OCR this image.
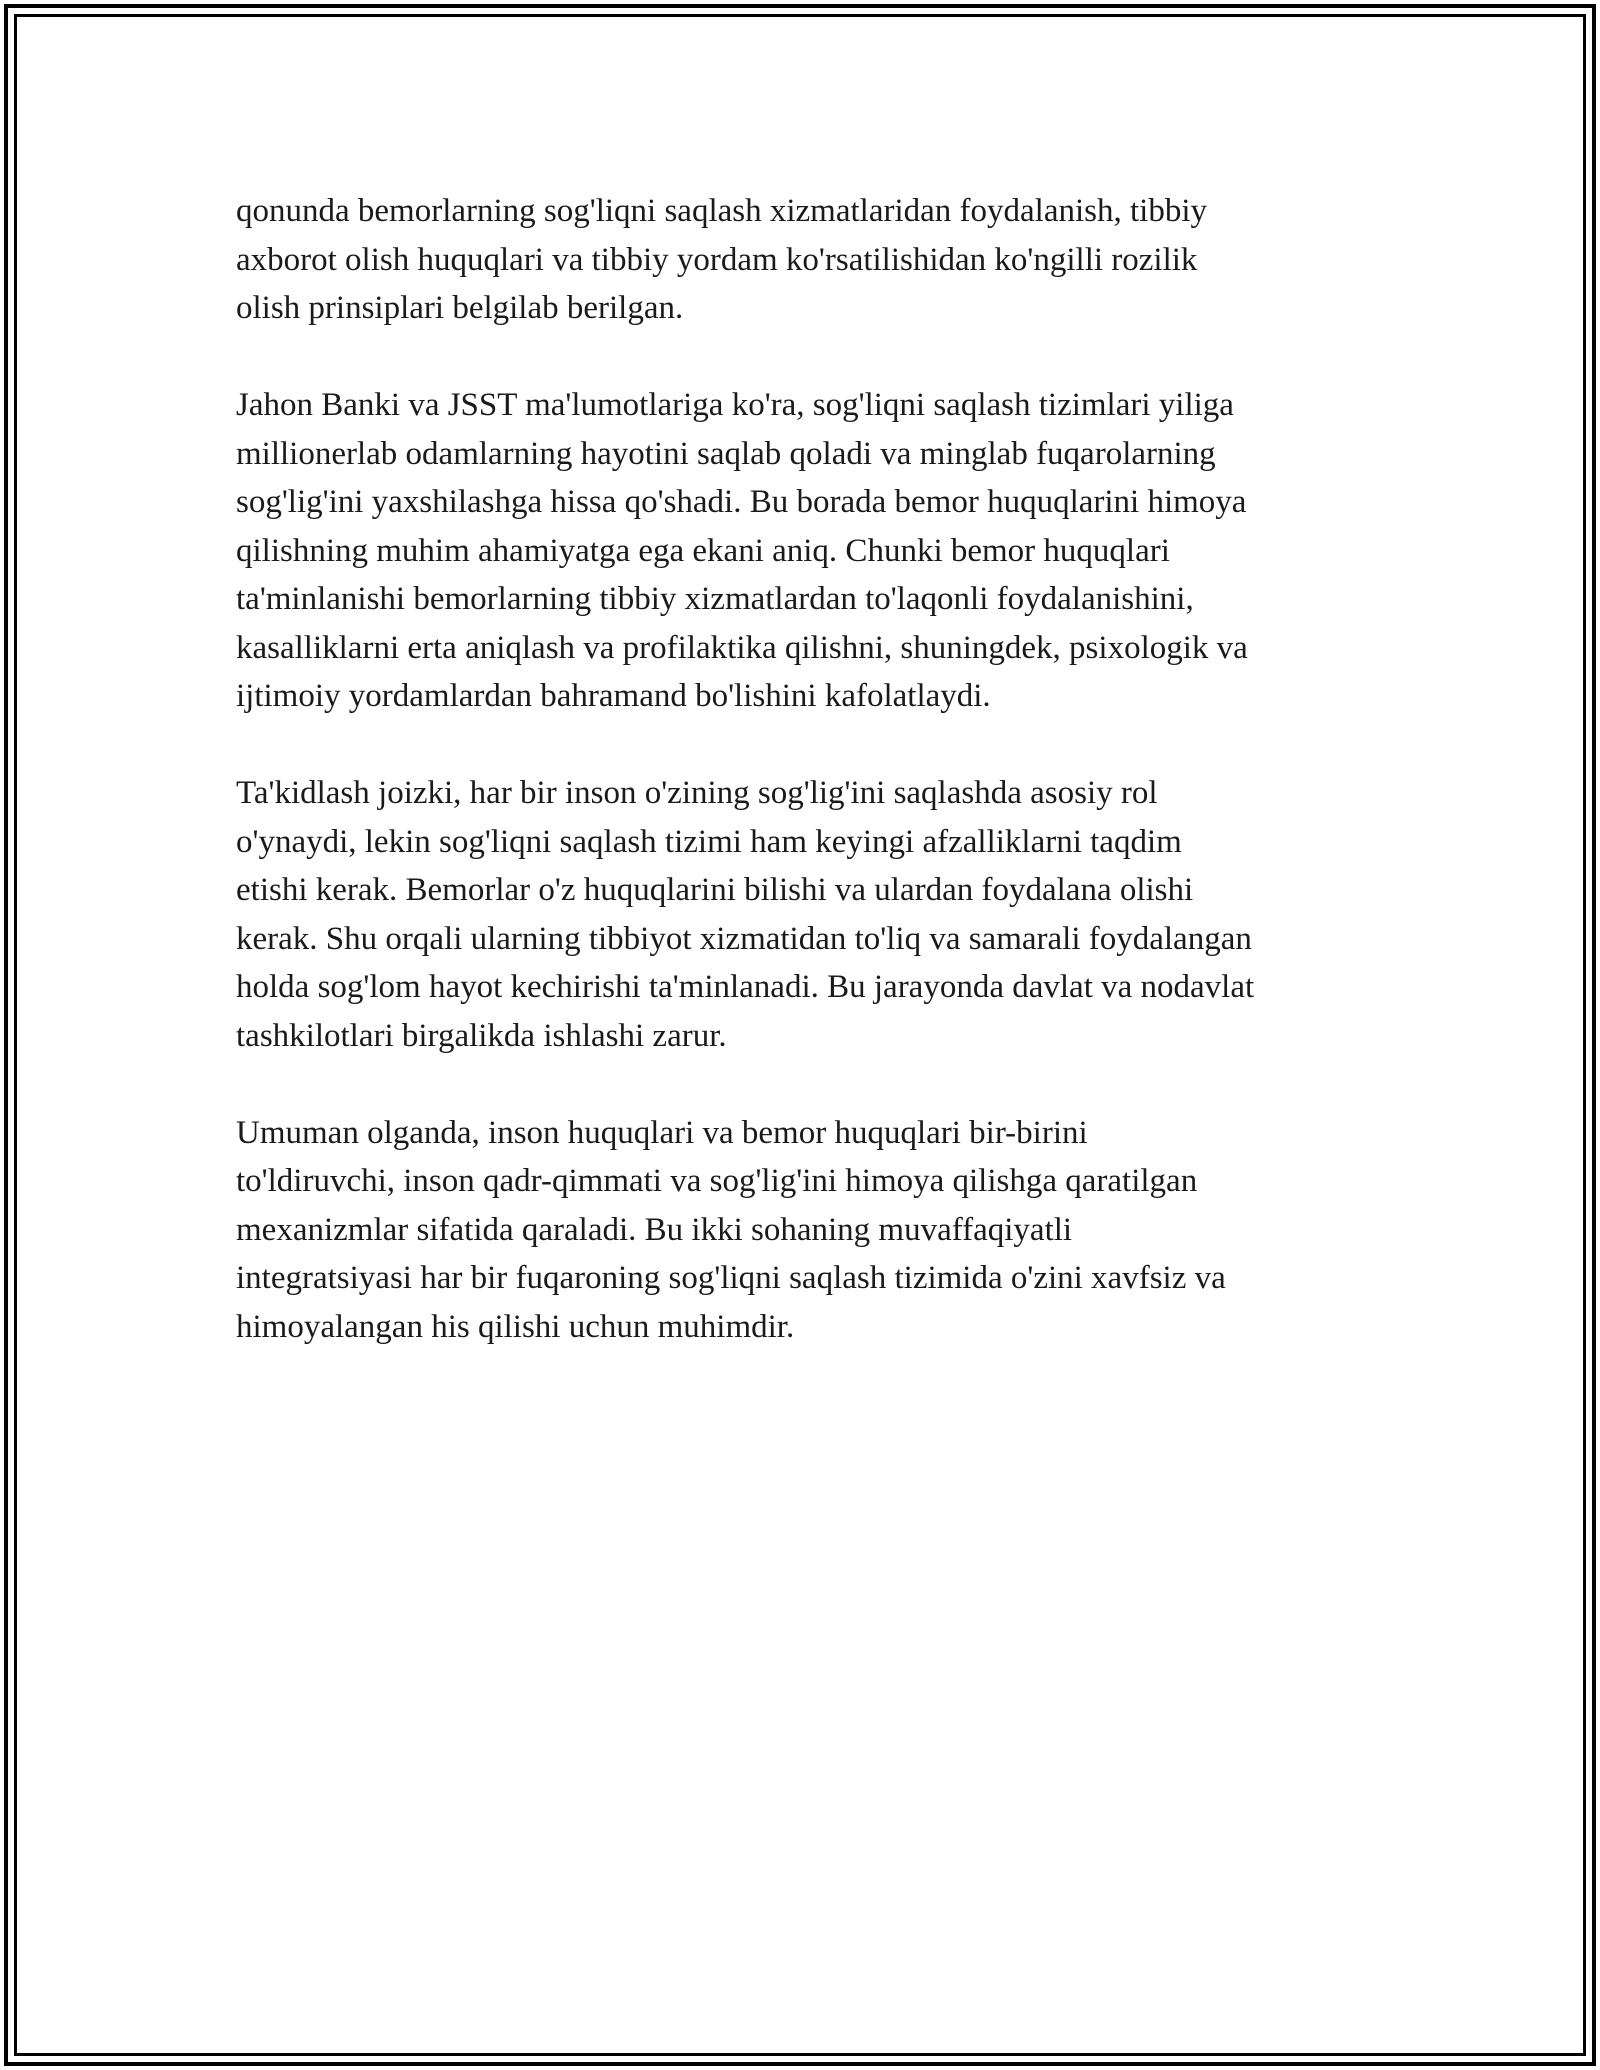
qonunda bemorlarning sog'liqni saqlash xizmatlaridan foydalanish, tibbiy
axborot olish huquqlari va tibbiy yordam ko'rsatilishidan ko'ngilli rozilik
olish prinsiplari belgilab berilgan.

Jahon Banki va JSST ma'lumotlariga ko'ra, sog'liqni saqlash tizimlari yiliga
millionerlab odamlarning hayotini saqlab qoladi va minglab fuqarolarning
sog'lig'ini yaxshilashga hissa qo'shadi. Bu borada bemor huquqlarini himoya
qilishning muhim ahamiyatga ega ekani aniq. Chunki bemor huquqlari
ta'minlanishi bemorlarning tibbiy xizmatlardan to'laqonli foydalanishini,
kasalliklarni erta aniqlash va profilaktika qilishni, shuningdek, psixologik va
ijtimoiy yordamlardan bahramand bo'lishini kafolatlaydi.

Ta'kidlash joizki, har bir inson o'zining sog'lig'ini saqlashda asosiy rol
o'ynaydi, lekin sog'liqni saqlash tizimi ham keyingi afzalliklarni taqdim
etishi kerak. Bemorlar o'z huquqlarini bilishi va ulardan foydalana olishi
kerak. Shu orqali ularning tibbiyot xizmatidan to'liq va samarali foydalangan
holda sog'lom hayot kechirishi ta'minlanadi. Bu jarayonda davlat va nodavlat
tashkilotlari birgalikda ishlashi zarur.

Umuman olganda, inson huquqlari va bemor huquqlari bir-birini
to'ldiruvchi, inson qadr-qimmati va sog'lig'ini himoya qilishga qaratilgan
mexanizmlar sifatida qaraladi. Bu ikki sohaning muvaffaqiyatli
integratsiyasi har bir fuqaroning sog'liqni saqlash tizimida o'zini xavfsiz va
himoyalangan his qilishi uchun muhimdir.
